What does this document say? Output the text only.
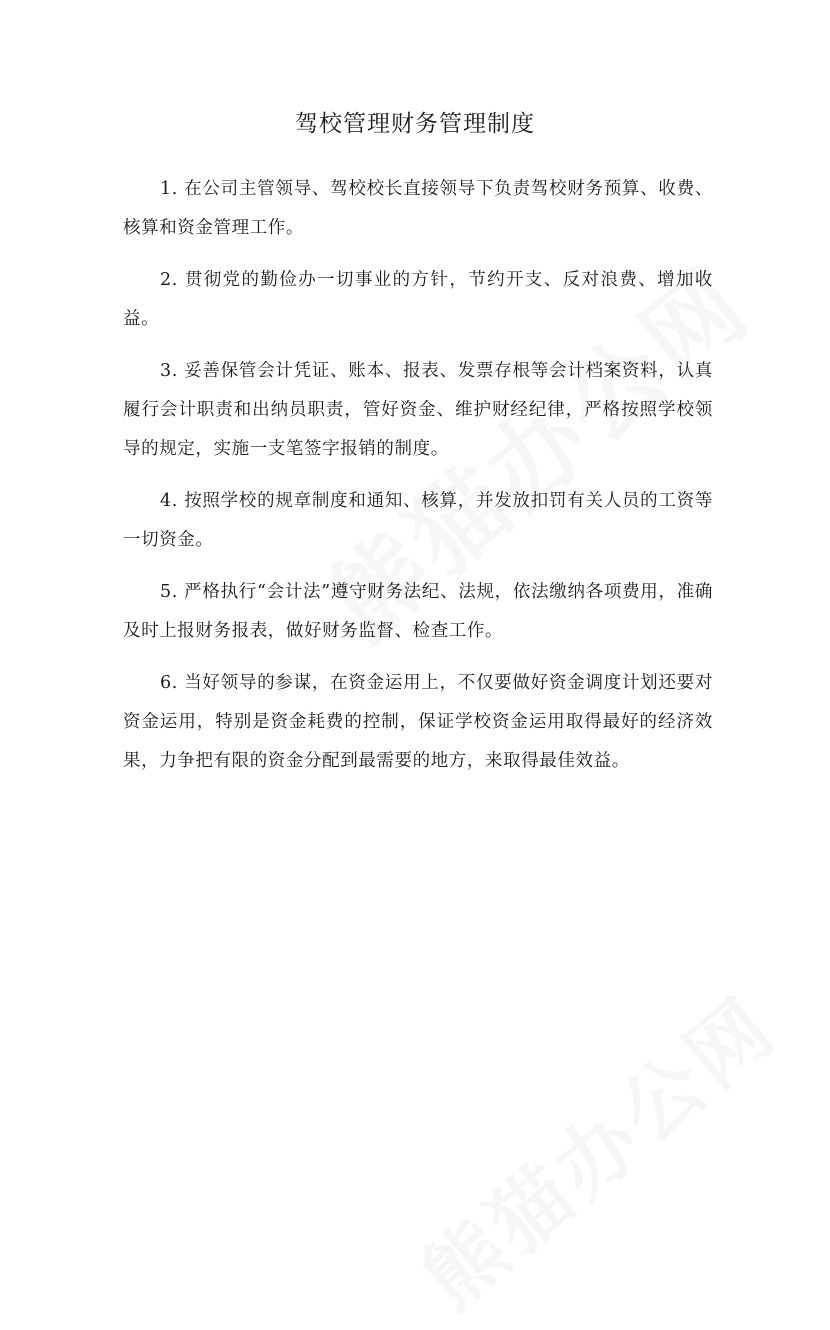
驾校管理财务管理制度

1. 在公司主管领导、驾校校长直接领导下负责驾校财务预算、收费、核算和资金管理工作。

2. 贯彻党的勤俭办一切事业的方针，节约开支、反对浪费、增加收益。

3. 妥善保管会计凭证、账本、报表、发票存根等会计档案资料，认真履行会计职责和出纳员职责，管好资金、维护财经纪律，严格按照学校领导的规定，实施一支笔签字报销的制度。

4. 按照学校的规章制度和通知、核算，并发放扣罚有关人员的工资等一切资金。

5. 严格执行“会计法”遵守财务法纪、法规，依法缴纳各项费用，准确及时上报财务报表，做好财务监督、检查工作。

6. 当好领导的参谋，在资金运用上，不仅要做好资金调度计划还要对资金运用，特别是资金耗费的控制，保证学校资金运用取得最好的经济效果，力争把有限的资金分配到最需要的地方，来取得最佳效益。
